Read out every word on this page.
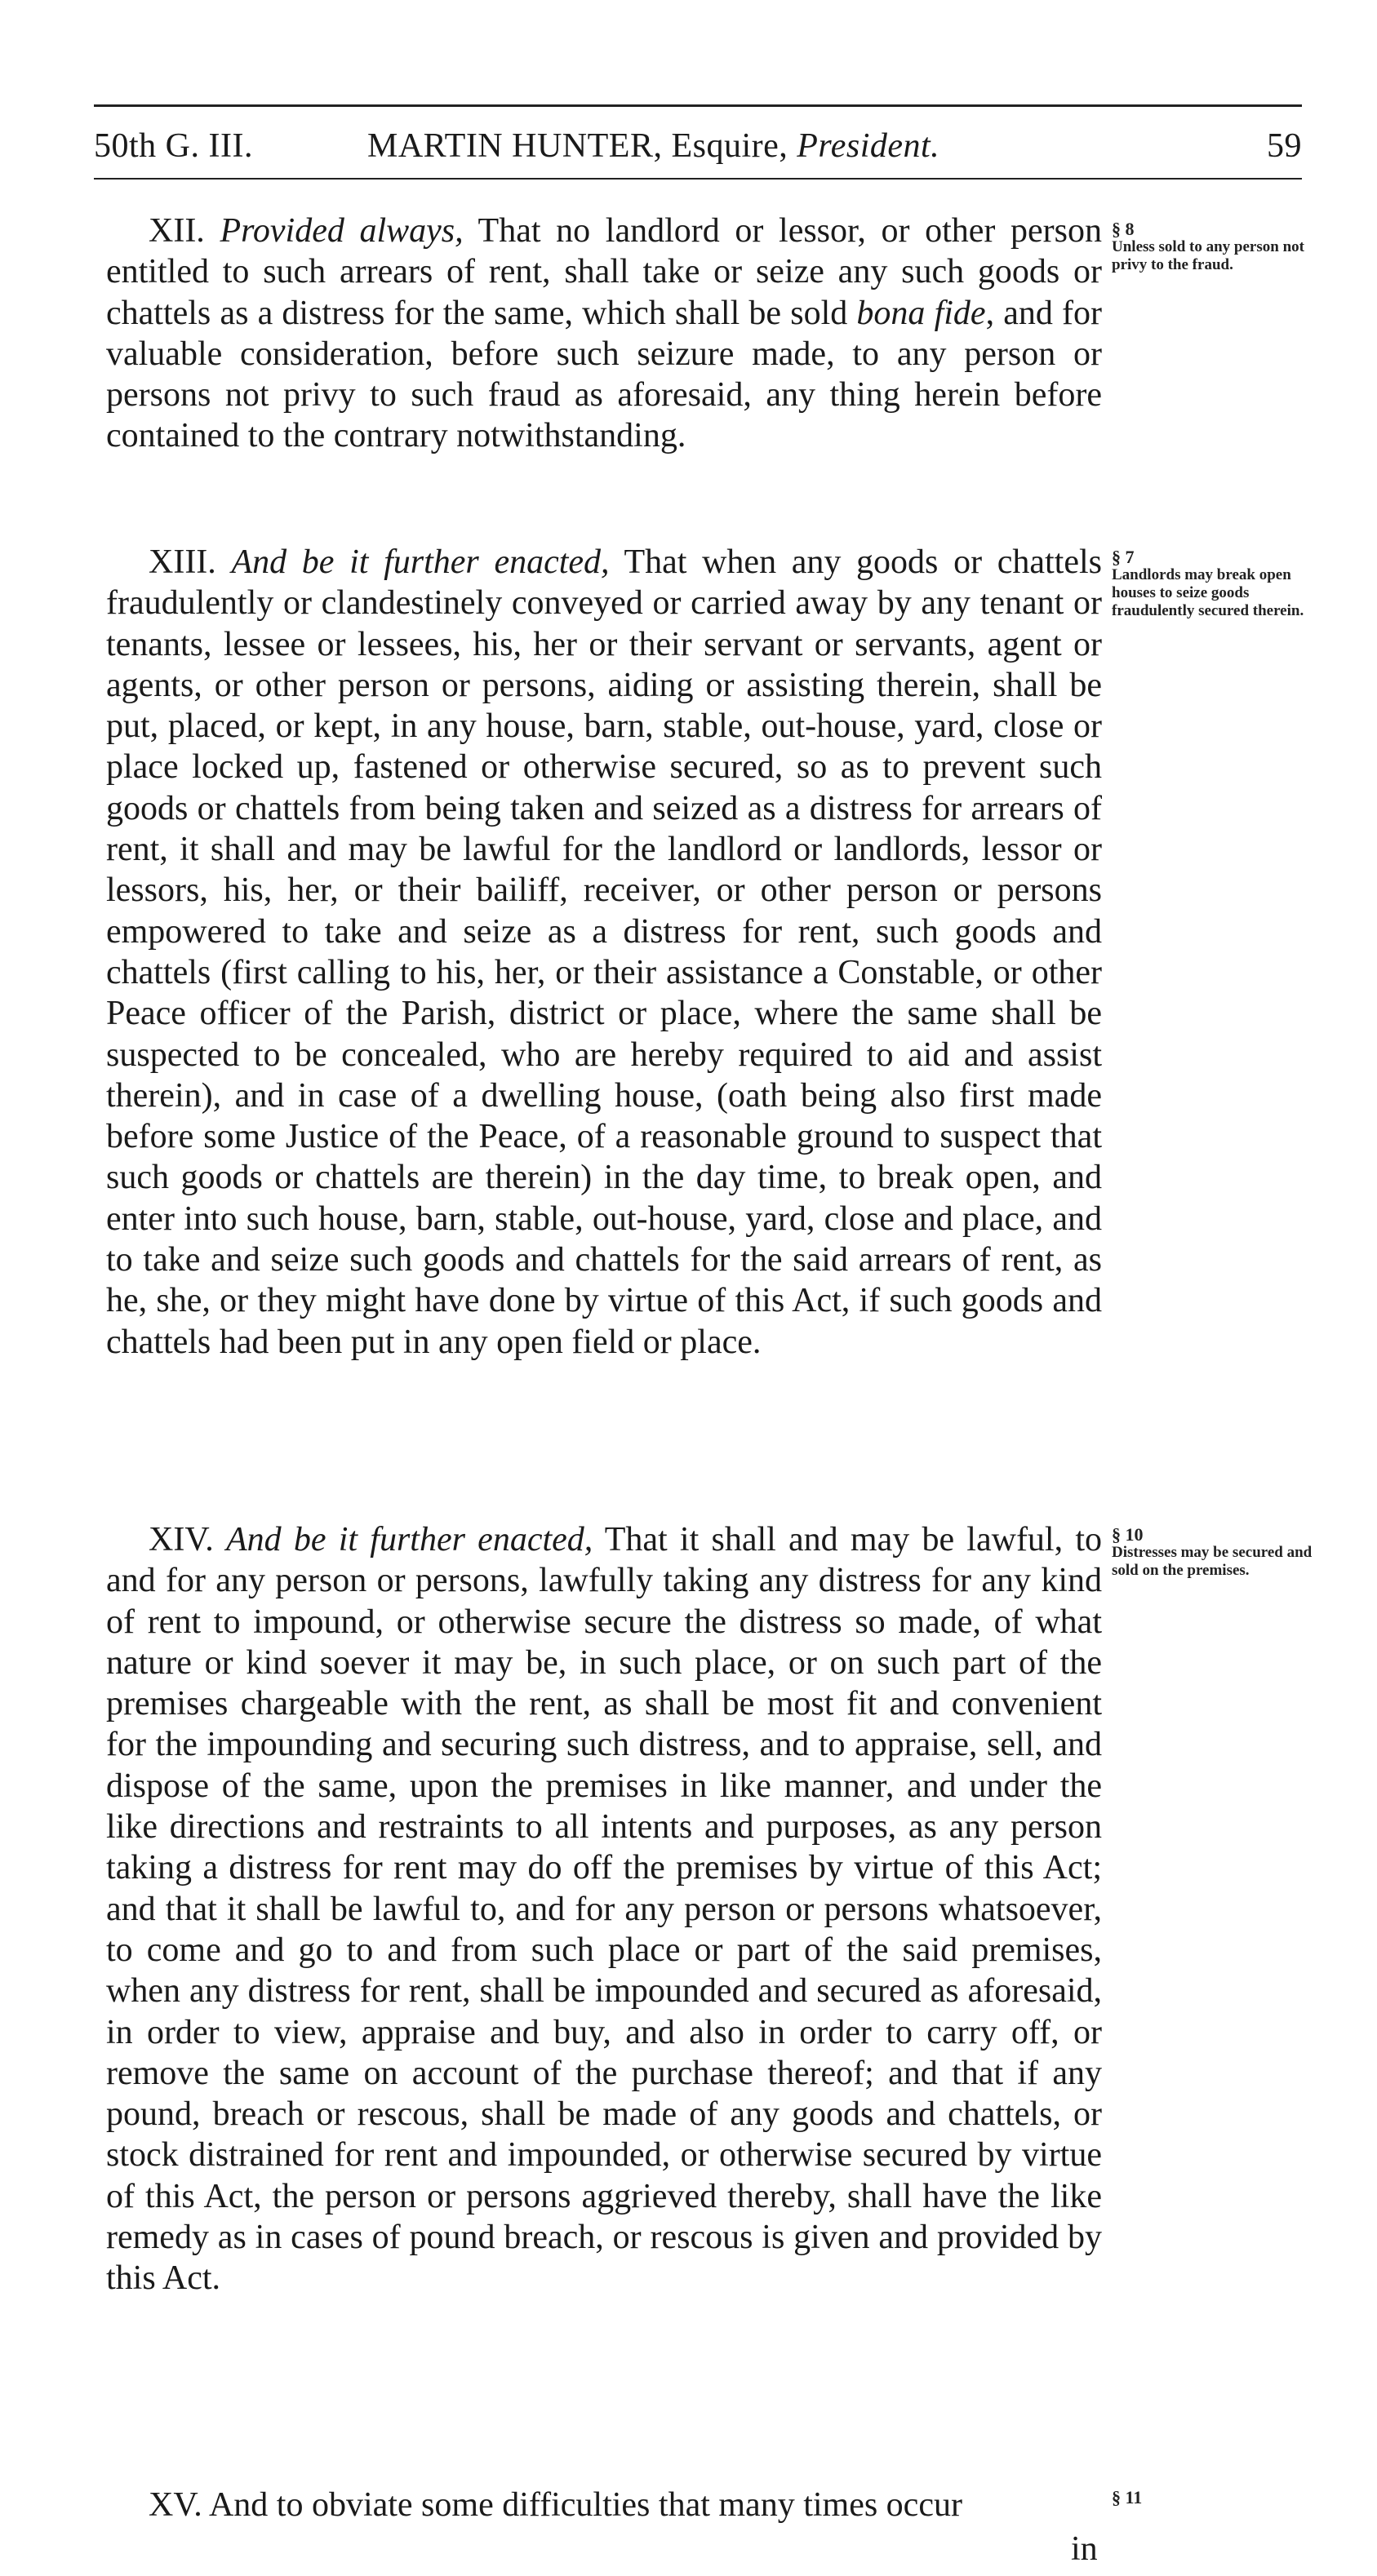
50th G. III.	MARTIN HUNTER, Esquire, President.	59

XII. Provided always, That no landlord or lessor, or other person entitled to such arrears of rent, shall take or seize any such goods or chattels as a distress for the same, which shall be sold bona fide, and for valuable consideration, before such seizure made, to any person or persons not privy to such fraud as aforesaid, any thing herein before contained to the contrary notwithstanding.

§ 8
Unless sold to any person not privy to the fraud.

XIII. And be it further enacted, That when any goods or chattels fraudulently or clandestinely conveyed or carried away by any tenant or tenants, lessee or lessees, his, her or their servant or servants, agent or agents, or other person or persons, aiding or assisting therein, shall be put, placed, or kept, in any house, barn, stable, out-house, yard, close or place locked up, fastened or otherwise secured, so as to prevent such goods or chattels from being taken and seized as a distress for arrears of rent, it shall and may be lawful for the landlord or landlords, lessor or lessors, his, her, or their bailiff, receiver, or other person or persons empowered to take and seize as a distress for rent, such goods and chattels (first calling to his, her, or their assistance a Constable, or other Peace officer of the Parish, district or place, where the same shall be suspected to be concealed, who are hereby required to aid and assist therein), and in case of a dwelling house, (oath being also first made before some Justice of the Peace, of a reasonable ground to suspect that such goods or chattels are therein) in the day time, to break open, and enter into such house, barn, stable, out-house, yard, close and place, and to take and seize such goods and chattels for the said arrears of rent, as he, she, or they might have done by virtue of this Act, if such goods and chattels had been put in any open field or place.

§ 7
Landlords may break open houses to seize goods fraudulently secured therein.

XIV. And be it further enacted, That it shall and may be lawful, to and for any person or persons, lawfully taking any distress for any kind of rent to impound, or otherwise secure the distress so made, of what nature or kind soever it may be, in such place, or on such part of the premises chargeable with the rent, as shall be most fit and convenient for the impounding and securing such distress, and to appraise, sell, and dispose of the same, upon the premises in like manner, and under the like directions and restraints to all intents and purposes, as any person taking a distress for rent may do off the premises by virtue of this Act; and that it shall be lawful to, and for any person or persons whatsoever, to come and go to and from such place or part of the said premises, when any distress for rent, shall be impounded and secured as aforesaid, in order to view, appraise and buy, and also in order to carry off, or remove the same on account of the purchase thereof; and that if any pound, breach or rescous, shall be made of any goods and chattels, or stock distrained for rent and impounded, or otherwise secured by virtue of this Act, the person or persons aggrieved thereby, shall have the like remedy as in cases of pound breach, or rescous is given and provided by this Act.

§ 10
Distresses may be secured and sold on the premises.

XV. And to obviate some difficulties that many times occur	§ 11
in
